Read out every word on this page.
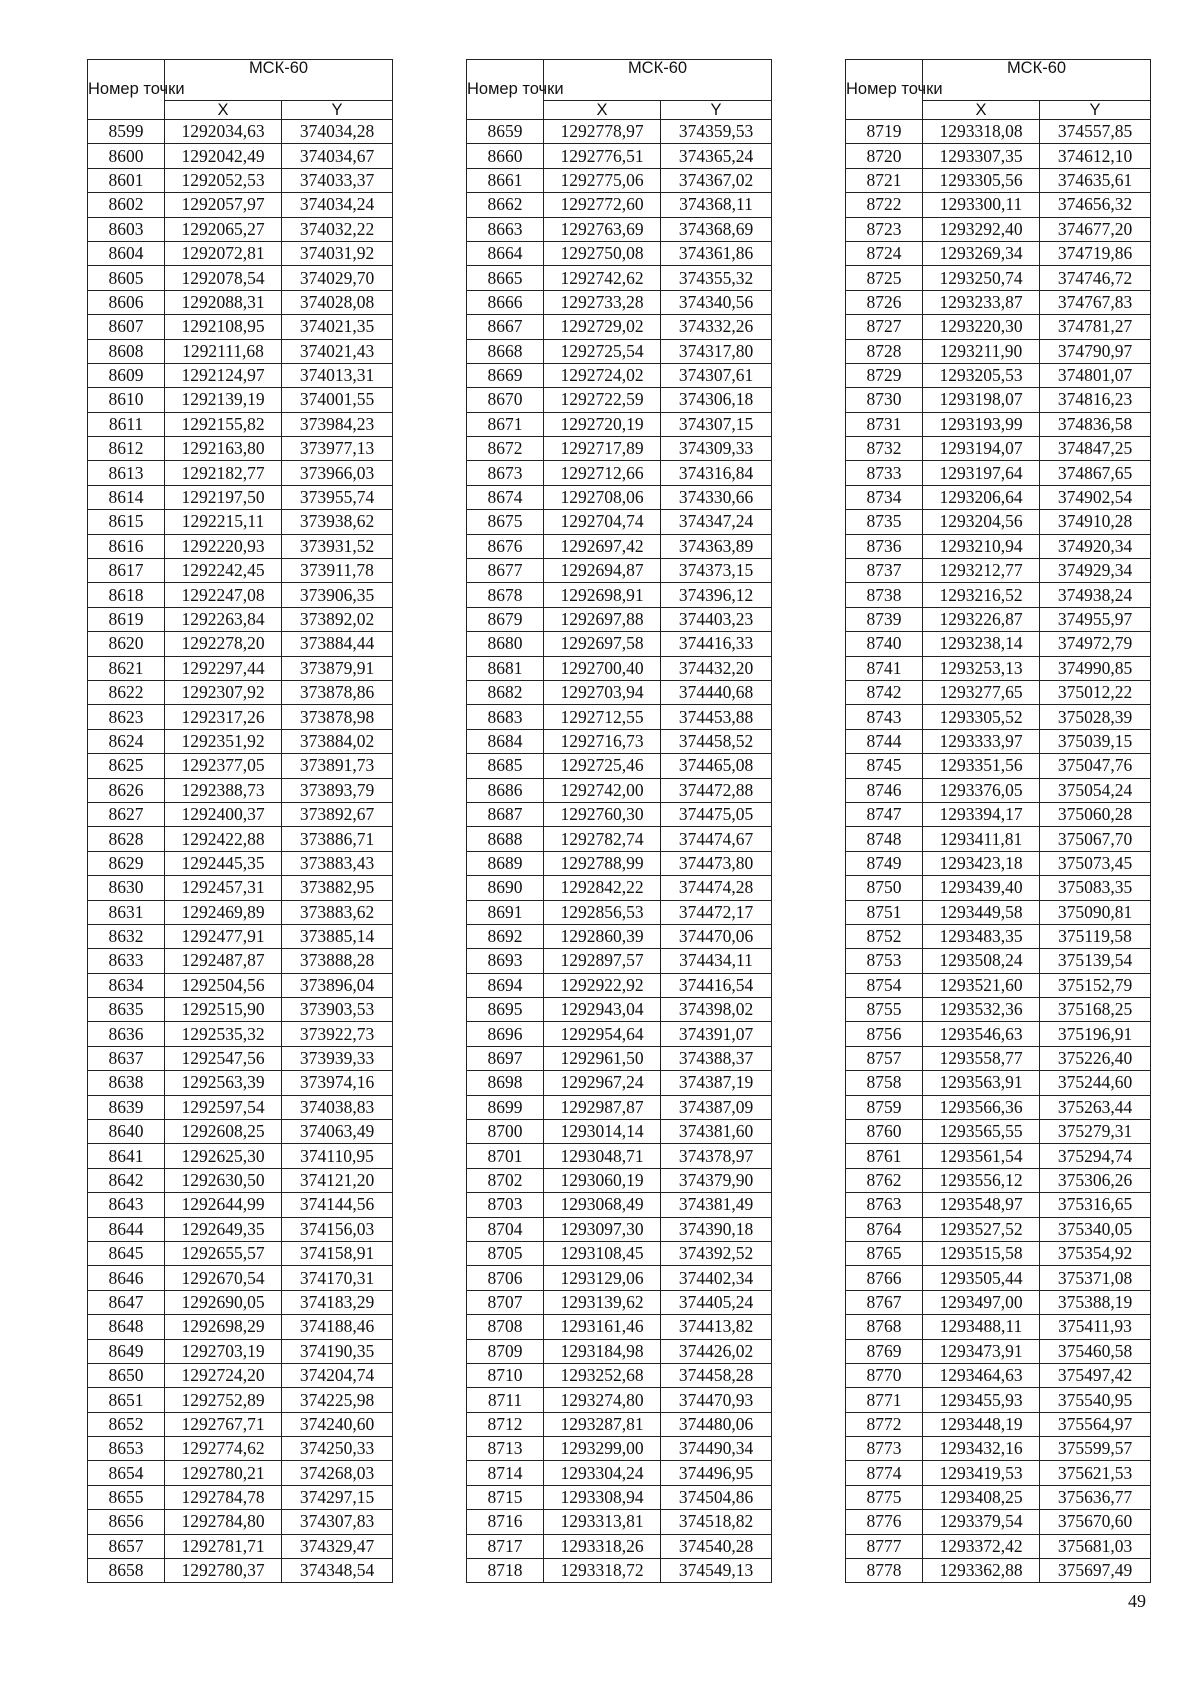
Номер точки	МСК-60	
	X	Y
8599	1292034,63	374034,28
8600	1292042,49	374034,67
8601	1292052,53	374033,37
8602	1292057,97	374034,24
8603	1292065,27	374032,22
8604	1292072,81	374031,92
8605	1292078,54	374029,70
8606	1292088,31	374028,08
8607	1292108,95	374021,35
8608	1292111,68	374021,43
8609	1292124,97	374013,31
8610	1292139,19	374001,55
8611	1292155,82	373984,23
8612	1292163,80	373977,13
8613	1292182,77	373966,03
8614	1292197,50	373955,74
8615	1292215,11	373938,62
8616	1292220,93	373931,52
8617	1292242,45	373911,78
8618	1292247,08	373906,35
8619	1292263,84	373892,02
8620	1292278,20	373884,44
8621	1292297,44	373879,91
8622	1292307,92	373878,86
8623	1292317,26	373878,98
8624	1292351,92	373884,02
8625	1292377,05	373891,73
8626	1292388,73	373893,79
8627	1292400,37	373892,67
8628	1292422,88	373886,71
8629	1292445,35	373883,43
8630	1292457,31	373882,95
8631	1292469,89	373883,62
8632	1292477,91	373885,14
8633	1292487,87	373888,28
8634	1292504,56	373896,04
8635	1292515,90	373903,53
8636	1292535,32	373922,73
8637	1292547,56	373939,33
8638	1292563,39	373974,16
8639	1292597,54	374038,83
8640	1292608,25	374063,49
8641	1292625,30	374110,95
8642	1292630,50	374121,20
8643	1292644,99	374144,56
8644	1292649,35	374156,03
8645	1292655,57	374158,91
8646	1292670,54	374170,31
8647	1292690,05	374183,29
8648	1292698,29	374188,46
8649	1292703,19	374190,35
8650	1292724,20	374204,74
8651	1292752,89	374225,98
8652	1292767,71	374240,60
8653	1292774,62	374250,33
8654	1292780,21	374268,03
8655	1292784,78	374297,15
8656	1292784,80	374307,83
8657	1292781,71	374329,47
8658	1292780,37	374348,54
Номер точки	МСК-60	
	X	Y
8659	1292778,97	374359,53
8660	1292776,51	374365,24
8661	1292775,06	374367,02
8662	1292772,60	374368,11
8663	1292763,69	374368,69
8664	1292750,08	374361,86
8665	1292742,62	374355,32
8666	1292733,28	374340,56
8667	1292729,02	374332,26
8668	1292725,54	374317,80
8669	1292724,02	374307,61
8670	1292722,59	374306,18
8671	1292720,19	374307,15
8672	1292717,89	374309,33
8673	1292712,66	374316,84
8674	1292708,06	374330,66
8675	1292704,74	374347,24
8676	1292697,42	374363,89
8677	1292694,87	374373,15
8678	1292698,91	374396,12
8679	1292697,88	374403,23
8680	1292697,58	374416,33
8681	1292700,40	374432,20
8682	1292703,94	374440,68
8683	1292712,55	374453,88
8684	1292716,73	374458,52
8685	1292725,46	374465,08
8686	1292742,00	374472,88
8687	1292760,30	374475,05
8688	1292782,74	374474,67
8689	1292788,99	374473,80
8690	1292842,22	374474,28
8691	1292856,53	374472,17
8692	1292860,39	374470,06
8693	1292897,57	374434,11
8694	1292922,92	374416,54
8695	1292943,04	374398,02
8696	1292954,64	374391,07
8697	1292961,50	374388,37
8698	1292967,24	374387,19
8699	1292987,87	374387,09
8700	1293014,14	374381,60
8701	1293048,71	374378,97
8702	1293060,19	374379,90
8703	1293068,49	374381,49
8704	1293097,30	374390,18
8705	1293108,45	374392,52
8706	1293129,06	374402,34
8707	1293139,62	374405,24
8708	1293161,46	374413,82
8709	1293184,98	374426,02
8710	1293252,68	374458,28
8711	1293274,80	374470,93
8712	1293287,81	374480,06
8713	1293299,00	374490,34
8714	1293304,24	374496,95
8715	1293308,94	374504,86
8716	1293313,81	374518,82
8717	1293318,26	374540,28
8718	1293318,72	374549,13
Номер точки	МСК-60	
	X	Y
8719	1293318,08	374557,85
8720	1293307,35	374612,10
8721	1293305,56	374635,61
8722	1293300,11	374656,32
8723	1293292,40	374677,20
8724	1293269,34	374719,86
8725	1293250,74	374746,72
8726	1293233,87	374767,83
8727	1293220,30	374781,27
8728	1293211,90	374790,97
8729	1293205,53	374801,07
8730	1293198,07	374816,23
8731	1293193,99	374836,58
8732	1293194,07	374847,25
8733	1293197,64	374867,65
8734	1293206,64	374902,54
8735	1293204,56	374910,28
8736	1293210,94	374920,34
8737	1293212,77	374929,34
8738	1293216,52	374938,24
8739	1293226,87	374955,97
8740	1293238,14	374972,79
8741	1293253,13	374990,85
8742	1293277,65	375012,22
8743	1293305,52	375028,39
8744	1293333,97	375039,15
8745	1293351,56	375047,76
8746	1293376,05	375054,24
8747	1293394,17	375060,28
8748	1293411,81	375067,70
8749	1293423,18	375073,45
8750	1293439,40	375083,35
8751	1293449,58	375090,81
8752	1293483,35	375119,58
8753	1293508,24	375139,54
8754	1293521,60	375152,79
8755	1293532,36	375168,25
8756	1293546,63	375196,91
8757	1293558,77	375226,40
8758	1293563,91	375244,60
8759	1293566,36	375263,44
8760	1293565,55	375279,31
8761	1293561,54	375294,74
8762	1293556,12	375306,26
8763	1293548,97	375316,65
8764	1293527,52	375340,05
8765	1293515,58	375354,92
8766	1293505,44	375371,08
8767	1293497,00	375388,19
8768	1293488,11	375411,93
8769	1293473,91	375460,58
8770	1293464,63	375497,42
8771	1293455,93	375540,95
8772	1293448,19	375564,97
8773	1293432,16	375599,57
8774	1293419,53	375621,53
8775	1293408,25	375636,77
8776	1293379,54	375670,60
8777	1293372,42	375681,03
8778	1293362,88	375697,49
49
